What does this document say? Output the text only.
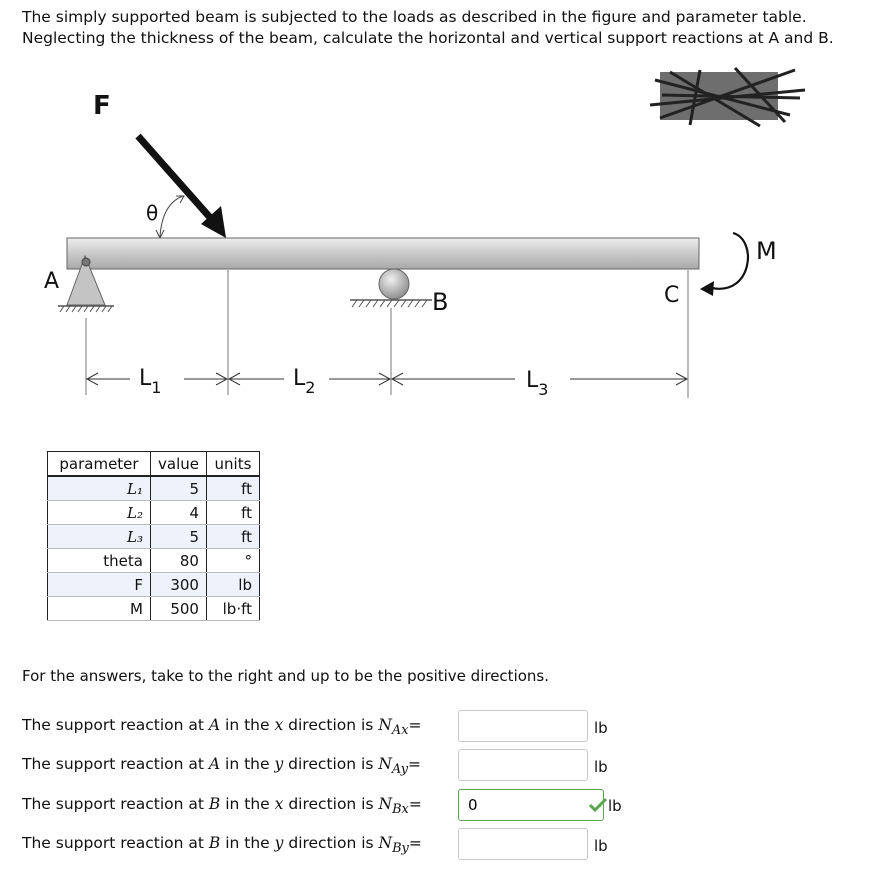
The simply supported beam is subjected to the loads as described in the figure and parameter table.
Neglecting the thickness of the beam, calculate the horizontal and vertical support reactions at A and B.
F
θ
A
B	C
M
$L_1$	$L_2$	$L_3$
parameter	value	units
L₁	5	ft
L₂	4	ft
L₃	5	ft
theta	80	°
F	300	lb
M	500	lb·ft
For the answers, take to the right and up to be the positive directions.
The support reaction at A in the x direction is $N_{Ax}=$	lb
The support reaction at A in the y direction is $N_{Ay}=$	lb
The support reaction at B in the x direction is $N_{Bx}=$
0	lb
The support reaction at B in the y direction is $N_{By}=$	lb
